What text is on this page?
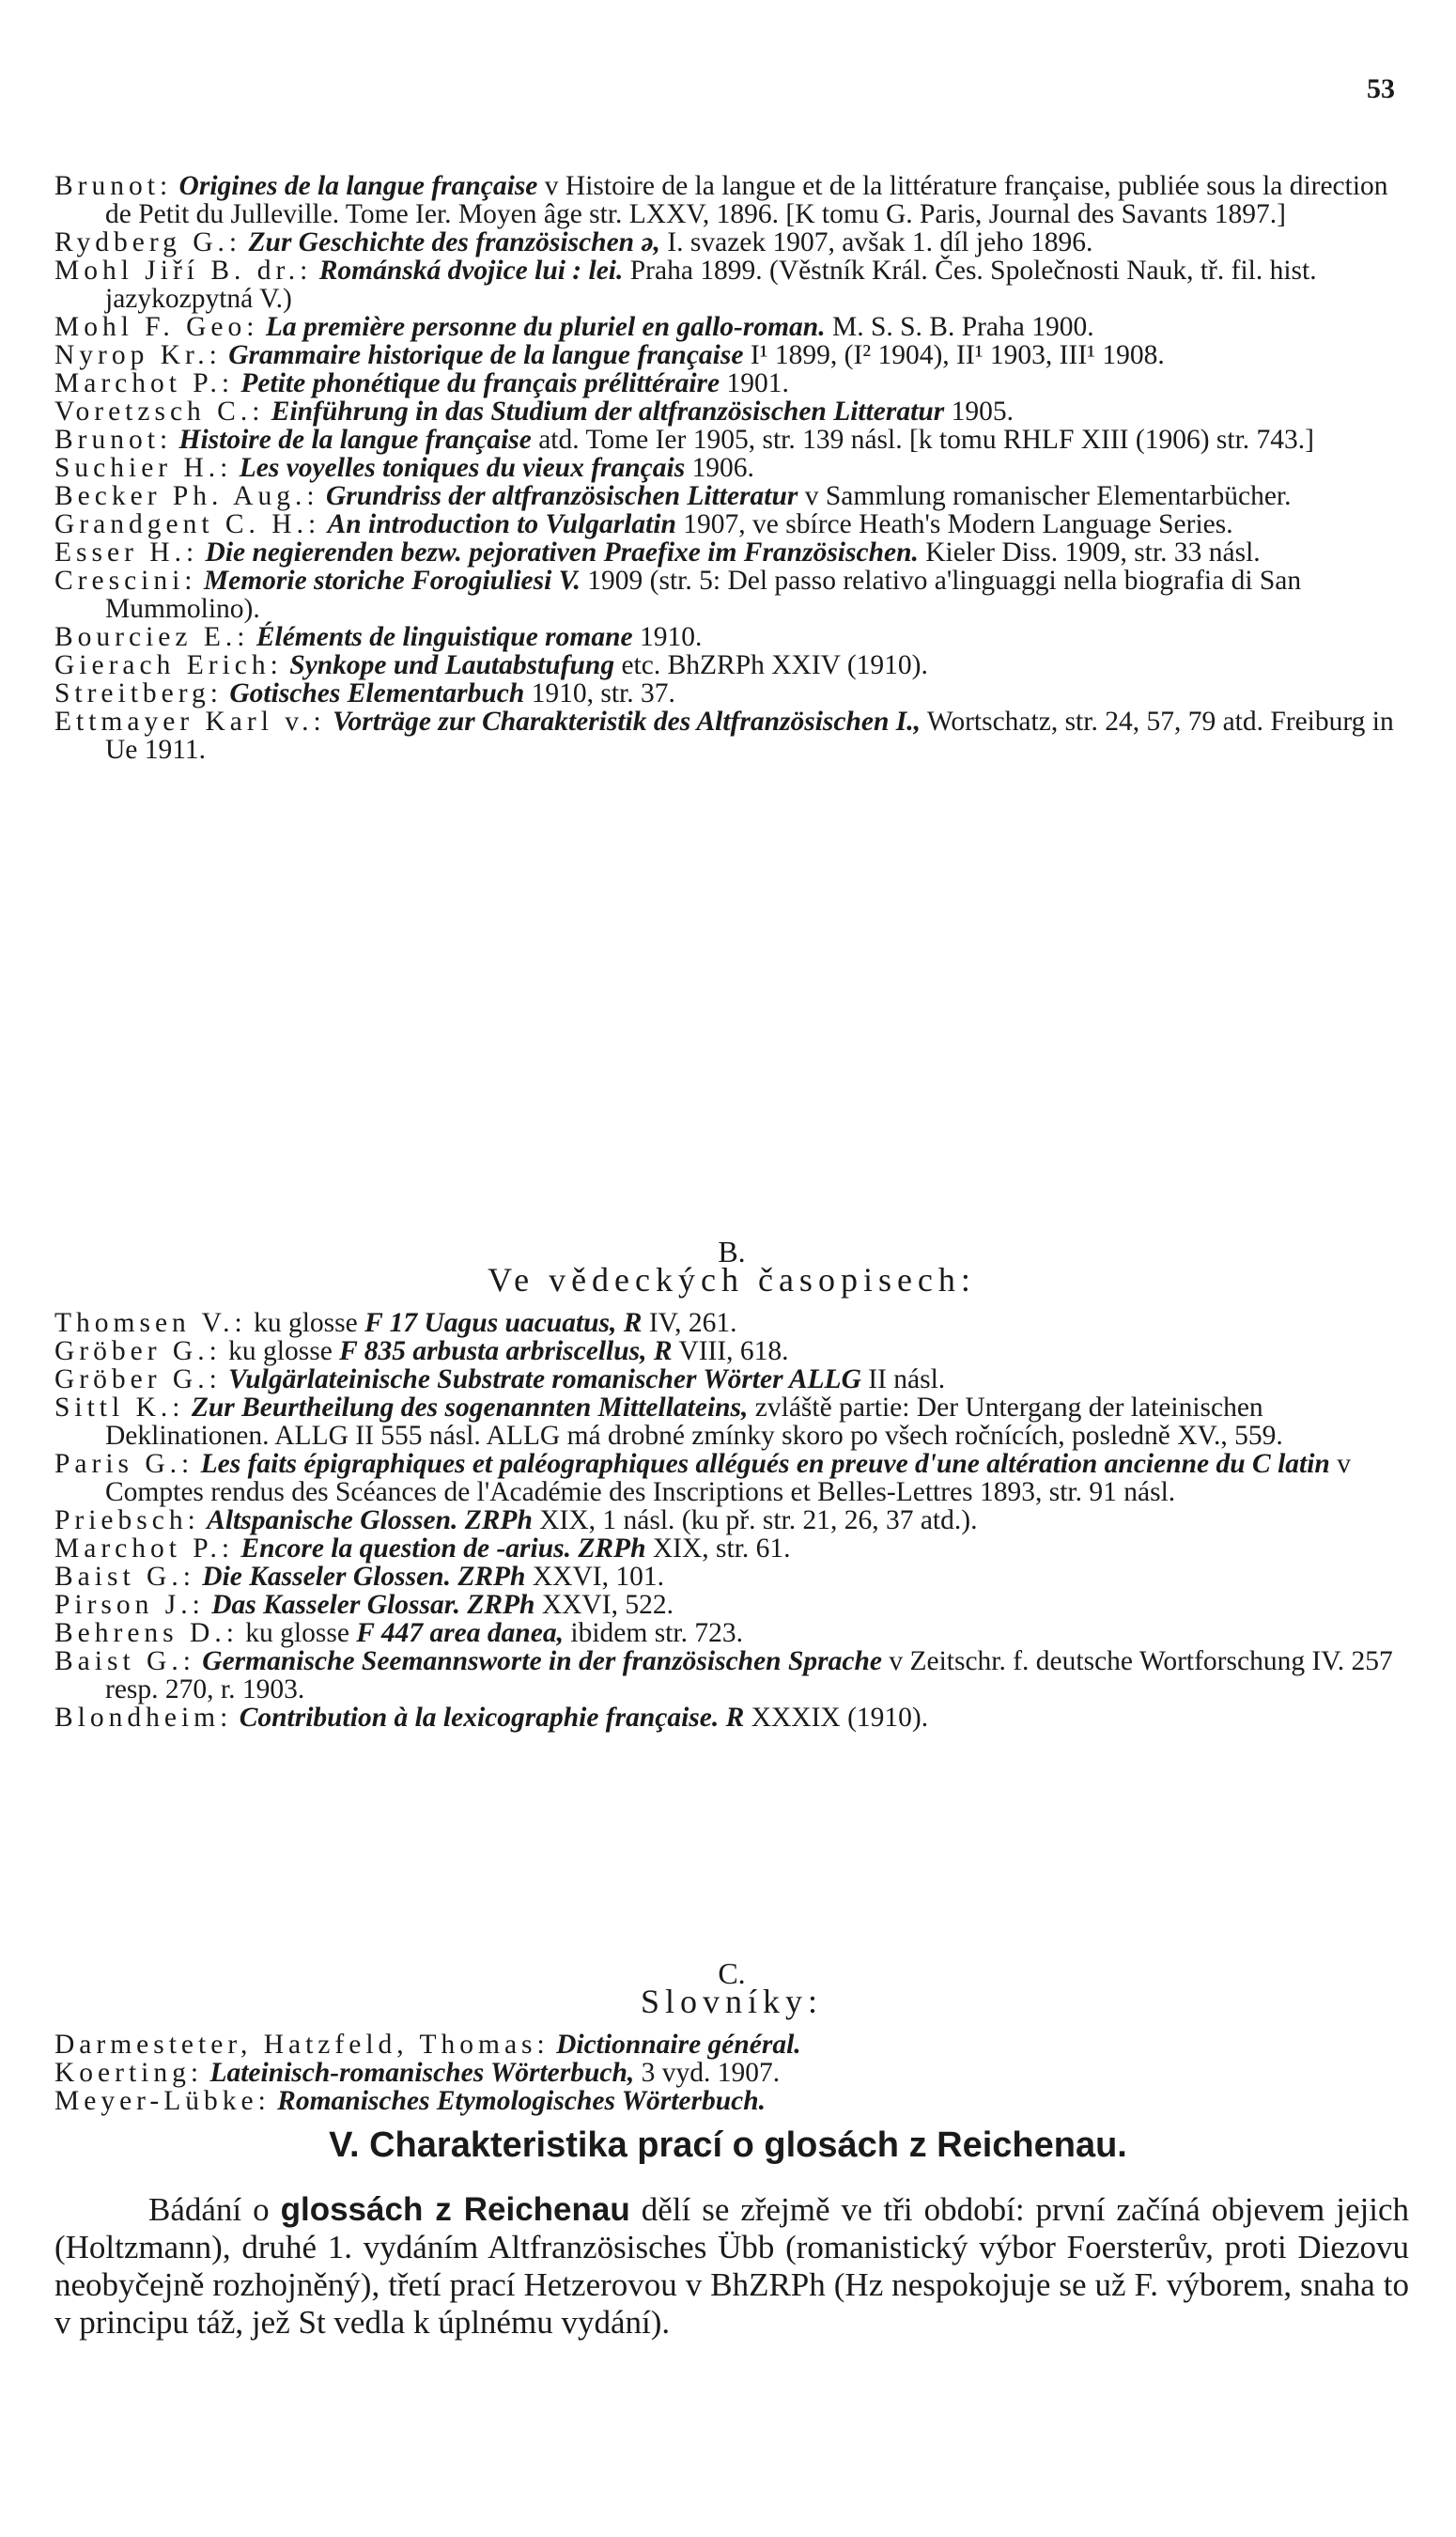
53

Brunot: Origines de la langue française v Histoire de la langue et de la littérature française, publiée sous la direction de Petit du Julleville. Tome Ier. Moyen âge str. LXXV, 1896. [K tomu G. Paris, Journal des Savants 1897.]

Rydberg G.: Zur Geschichte des französischen ə, I. svazek 1907, avšak 1. díl jeho 1896.

Mohl Jiří B. dr.: Románská dvojice lui : lei. Praha 1899. (Věstník Král. Čes. Společnosti Nauk, tř. fil. hist. jazykozpytná V.)

Mohl F. Geo: La première personne du pluriel en gallo-roman. M. S. S. B. Praha 1900.

Nyrop Kr.: Grammaire historique de la langue française I¹ 1899, (I² 1904), II¹ 1903, III¹ 1908.

Marchot P.: Petite phonétique du français prélittéraire 1901.

Voretzsch C.: Einführung in das Studium der altfranzösischen Litteratur 1905.

Brunot: Histoire de la langue française atd. Tome Ier 1905, str. 139 násl. [k tomu RHLF XIII (1906) str. 743.]

Suchier H.: Les voyelles toniques du vieux français 1906.

Becker Ph. Aug.: Grundriss der altfranzösischen Litteratur v Sammlung romanischer Elementarbücher.

Grandgent C. H.: An introduction to Vulgarlatin 1907, ve sbírce Heath's Modern Language Series.

Esser H.: Die negierenden bezw. pejorativen Praefixe im Französischen. Kieler Diss. 1909, str. 33 násl.

Crescini: Memorie storiche Forogiuliesi V. 1909 (str. 5: Del passo relativo a'linguaggi nella biografia di San Mummolino).

Bourciez E.: Éléments de linguistique romane 1910.

Gierach Erich: Synkope und Lautabstufung etc. BhZRPh XXIV (1910).

Streitberg: Gotisches Elementarbuch 1910, str. 37.

Ettmayer Karl v.: Vorträge zur Charakteristik des Altfranzösischen I., Wortschatz, str. 24, 57, 79 atd. Freiburg in Ue 1911.

B.

Ve vědeckých časopisech:

Thomsen V.: ku glosse F 17 Uagus uacuatus, R IV, 261.

Gröber G.: ku glosse F 835 arbusta arbriscellus, R VIII, 618.

Gröber G.: Vulgärlateinische Substrate romanischer Wörter ALLG II násl.

Sittl K.: Zur Beurtheilung des sogenannten Mittellateins, zvláště partie: Der Untergang der lateinischen Deklinationen. ALLG II 555 násl. ALLG má drobné zmínky skoro po všech ročnících, posledně XV., 559.

Paris G.: Les faits épigraphiques et paléographiques allégués en preuve d'une altération ancienne du C latin v Comptes rendus des Scéances de l'Académie des Inscriptions et Belles-Lettres 1893, str. 91 násl.

Priebsch: Altspanische Glossen. ZRPh XIX, 1 násl. (ku př. str. 21, 26, 37 atd.).

Marchot P.: Encore la question de -arius. ZRPh XIX, str. 61.

Baist G.: Die Kasseler Glossen. ZRPh XXVI, 101.

Pirson J.: Das Kasseler Glossar. ZRPh XXVI, 522.

Behrens D.: ku glosse F 447 area danea, ibidem str. 723.

Baist G.: Germanische Seemannsworte in der französischen Sprache v Zeitschr. f. deutsche Wortforschung IV. 257 resp. 270, r. 1903.

Blondheim: Contribution à la lexicographie française. R XXXIX (1910).

C.

Slovníky:

Darmesteter, Hatzfeld, Thomas: Dictionnaire général.

Koerting: Lateinisch-romanisches Wörterbuch, 3 vyd. 1907.

Meyer-Lübke: Romanisches Etymologisches Wörterbuch.

V. Charakteristika prací o glosách z Reichenau.

Bádání o glossách z Reichenau dělí se zřejmě ve tři období: první začíná objevem jejich (Holtzmann), druhé 1. vydáním Altfranzösisches Übb (romanistický výbor Foersterův, proti Diezovu neobyčejně rozhojněný), třetí prací Hetzerovou v BhZRPh (Hz nespokojuje se už F. výborem, snaha to v principu táž, jež St vedla k úplnému vydání).
